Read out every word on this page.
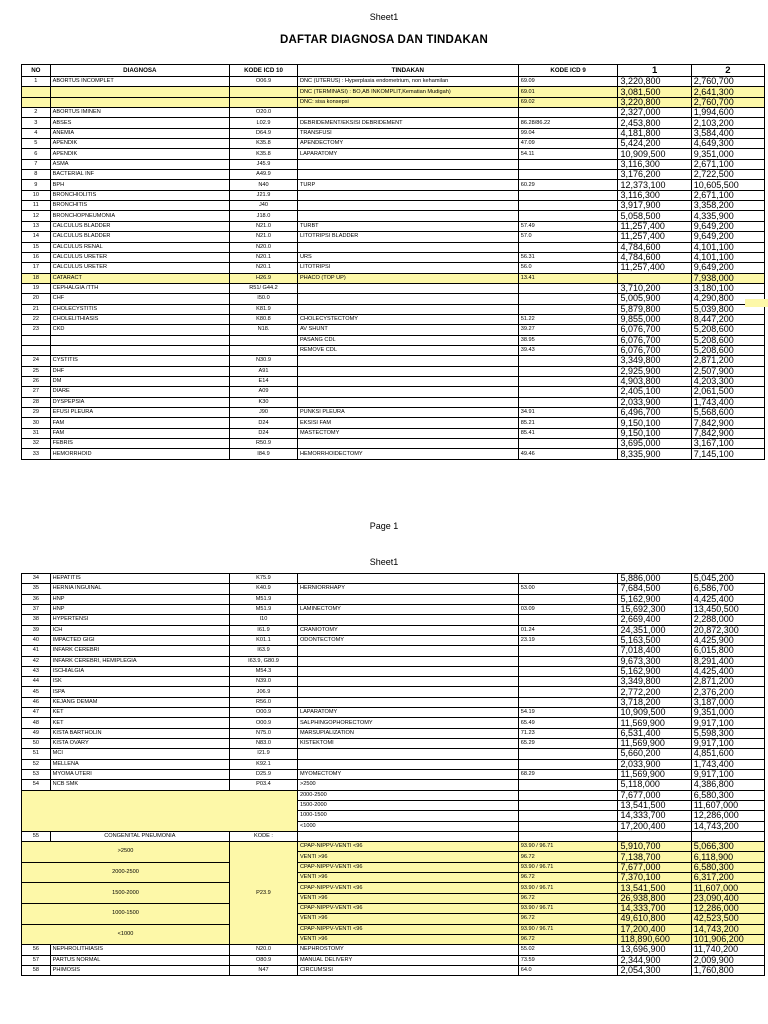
Sheet1
DAFTAR DIAGNOSA DAN TINDAKAN
NO	DIAGNOSA	KODE ICD 10	TINDAKAN	KODE ICD 9	1	2
1	ABORTUS INCOMPLET	O06.9	DNC (UTERUS) : Hyperplasia endometrium, non kehamilan	69.09	3,220,800	2,760,700
			DNC (TERMINASI) : BO,AB INKOMPLIT,Kematian Mudigah)	69.01	3,081,500	2,641,300
			DNC: sisa konsepsi	69.02	3,220,800	2,760,700
2	ABORTUS IMINEN	O20.0			2,327,000	1,994,600
3	ABSES	L02.9	DEBRIDEMENT/EKSISI DEBRIDEMENT	86.28/86.22	2,453,800	2,103,200
4	ANEMIA	D64.9	TRANSFUSI	99.04	4,181,800	3,584,400
5	APENDIK	K35.8	APENDECTOMY	47.09	5,424,200	4,649,300
6	APENDIK	K35.8	LAPARATOMY	54.11	10,909,500	9,351,000
7	ASMA	J45.9			3,116,300	2,671,100
8	BACTERIAL INF	A49.9			3,176,200	2,722,500
9	BPH	N40	TURP	60.29	12,373,100	10,605,500
10	BRONCHIOLITIS	J21.9			3,116,300	2,671,100
11	BRONCHITIS	J40			3,917,900	3,358,200
12	BRONCHOPNEUMONIA	J18.0			5,058,500	4,335,900
13	CALCULUS BLADDER	N21.0	TURBT	57.49	11,257,400	9,649,200
14	CALCULUS BLADDER	N21.0	LITOTRIPSI BLADDER	57.0	11,257,400	9,649,200
15	CALCULUS RENAL	N20.0			4,784,600	4,101,100
16	CALCULUS URETER	N20.1	URS	56.31	4,784,600	4,101,100
17	CALCULUS URETER	N20.1	LITOTRIPSI	56.0	11,257,400	9,649,200
18	CATARACT	H26.9	PHACO (TOP UP)	13.41		7,938,000
19	CEPHALGIA /TTH	R51/ G44.2			3,710,200	3,180,100
20	CHF	I50.0			5,005,900	4,290,800
21	CHOLECYSTITIS	K81.9			5,879,800	5,039,800
22	CHOLELITHIASIS	K80.8	CHOLECYSTECTOMY	51.22	9,855,000	8,447,200
23	CKD	N18.	AV SHUNT	39.27	6,076,700	5,208,600
			PASANG CDL	38.95	6,076,700	5,208,600
			REMOVE CDL	39.43	6,076,700	5,208,600
24	CYSTITIS	N30.9			3,349,800	2,871,200
25	DHF	A91			2,925,900	2,507,900
26	DM	E14			4,903,800	4,203,300
27	DIARE	A09			2,405,100	2,061,500
28	DYSPEPSIA	K30			2,033,900	1,743,400
29	EFUSI PLEURA	J90	PUNKSI PLEURA	34.91	6,496,700	5,568,600
30	FAM	D24	EKSISI FAM	85.21	9,150,100	7,842,900
31	FAM	D24	MASTECTOMY	85.41	9,150,100	7,842,900
32	FEBRIS	R50.9			3,695,000	3,167,100
33	HEMORRHOID	I84.9	HEMORRHOIDECTOMY	49.46	8,335,900	7,145,100
Page 1
Sheet1
34	HEPATITIS	K75.9			5,886,000	5,045,200
35	HERNIA INGUINAL	K40.9	HERNIORRHAPY	53.00	7,684,500	6,586,700
36	HNP	M51.9			5,162,900	4,425,400
37	HNP	M51.9	LAMINECTOMY	03.09	15,692,300	13,450,500
38	HYPERTENSI	I10			2,669,400	2,288,000
39	ICH	I61.9	CRANIOTOMY	01.24	24,351,000	20,872,300
40	IMPACTED GIGI	K01.1	ODONTECTOMY	23.19	5,163,500	4,425,900
41	INFARK CEREBRI	I63.9			7,018,400	6,015,800
42	INFARK CEREBRI, HEMIPLEGIA	I63.9, G80.9			9,673,300	8,291,400
43	ISCHIALGIA	M54.3			5,162,900	4,425,400
44	ISK	N39.0			3,349,800	2,871,200
45	ISPA	J06.9			2,772,200	2,376,200
46	KEJANG DEMAM	R56.0			3,718,200	3,187,000
47	KET	O00.9	LAPARATOMY	54.19	10,909,500	9,351,000
48	KET	O00.9	SALPHINGOPHORECTOMY	65.49	11,569,900	9,917,100
49	KISTA BARTHOLIN	N75.0	MARSUPIALIZATION	71.23	6,531,400	5,598,300
50	KISTA OVARY	N83.0	KISTEKTOMI	65.29	11,569,900	9,917,100
51	MCI	I21.9			5,660,200	4,851,600
52	MELLENA	K92.1			2,033,900	1,743,400
53	MYOMA UTERI	D25.9	MYOMECTOMY	68.29	11,569,900	9,917,100
54	NCB SMK	P03.4	>2500		5,118,000	4,386,800
			2000-2500		7,677,000	6,580,300
			1500-2000		13,541,500	11,607,000
			1000-1500		14,333,700	12,286,000
			<1000		17,200,400	14,743,200
55	CONGENITAL PNEUMONIA	KODE :				
>2500		P23.9	CPAP-NIPPV-VENTI <96	93.90 / 96.71	5,910,700	5,066,300
			VENTI >96	96.72	7,138,700	6,118,900
2000-2500			CPAP-NIPPV-VENTI <96	93.90 / 96.71	7,677,000	6,580,300
			VENTI >96	96.72	7,370,100	6,317,200
1500-2000			CPAP-NIPPV-VENTI <96	93.90 / 96.71	13,541,500	11,607,000
			VENTI >96	96.72	26,938,800	23,090,400
1000-1500			CPAP-NIPPV-VENTI <96	93.90 / 96.71	14,333,700	12,286,000
			VENTI >96	96.72	49,610,800	42,523,500
<1000			CPAP-NIPPV-VENTI <96	93.90 / 96.71	17,200,400	14,743,200
			VENTI >96	96.72	118,890,600	101,906,200
56	NEPHROLITHIASIS	N20.0	NEPHROSTOMY	55.02	13,696,900	11,740,200
57	PARTUS NORMAL	O80.9	MANUAL DELIVERY	73.59	2,344,900	2,009,900
58	PHIMOSIS	N47	CIRCUMSISI	64.0	2,054,300	1,760,800
